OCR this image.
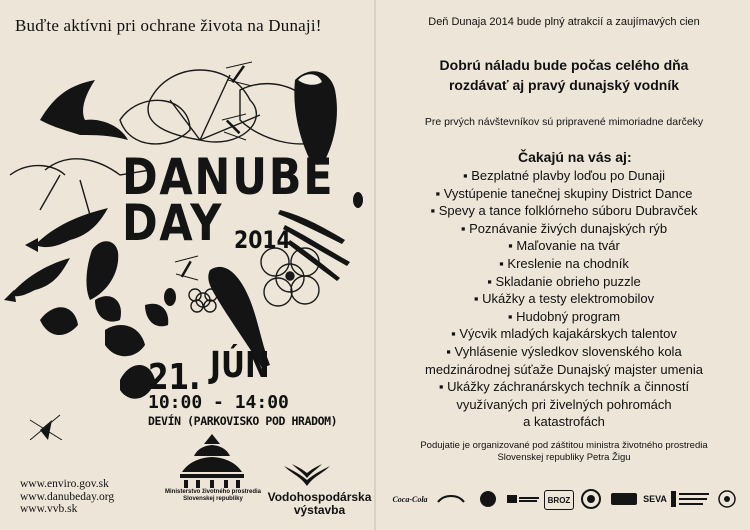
Buďte aktívni pri ochrane života na Dunaji!
DANUBE
DAY 2014
21. JÚN
10:00 - 14:00
DEVÍN (PARKOVISKO POD HRADOM)
www.enviro.gov.sk
www.danubeday.org
www.vvb.sk
Ministerstvo životného prostredia
Slovenskej republiky	Vodohospodárska
výstavba
Deň Dunaja 2014 bude plný atrakcií a zaujímavých cien
Dobrú náladu bude počas celého dňa
rozdávať aj pravý dunajský vodník
Pre prvých návštevníkov sú pripravené mimoriadne darčeky
Čakajú na vás aj:
▪ Bezplatné plavby loďou po Dunaji
▪ Vystúpenie tanečnej skupiny District Dance
▪ Spevy a tance folklórneho súboru Dubravček
▪ Poznávanie živých dunajských rýb
▪ Maľovanie na tvár
▪ Kreslenie na chodník
▪ Skladanie obrieho puzzle
▪ Ukážky a testy elektromobilov
▪ Hudobný program
▪ Výcvik mladých kajakárskych talentov
▪ Vyhlásenie výsledkov slovenského kola
medzinárodnej súťaže Dunajský majster umenia
▪ Ukážky záchranárskych techník a činností
využívaných pri živelných pohromách
a katastrofách
Podujatie je organizované pod záštitou ministra životného prostredia
Slovenskej republiky Petra Žigu
Coca-Cola	BROZ	SEVA
